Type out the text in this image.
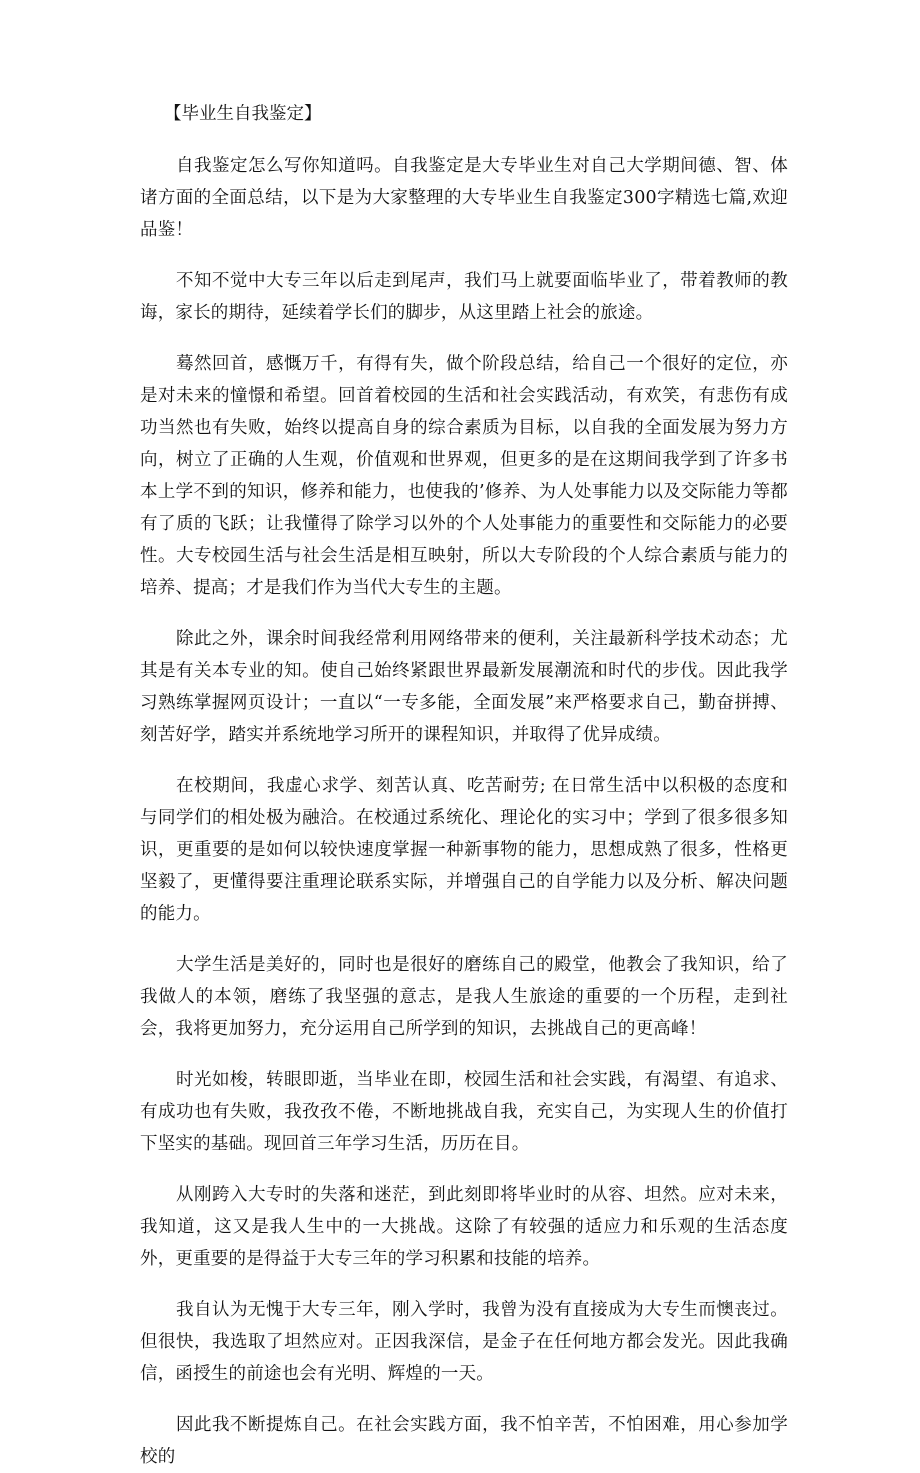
【毕业生自我鉴定】

自我鉴定怎么写你知道吗。自我鉴定是大专毕业生对自己大学期间德、智、体诸方面的全面总结，以下是为大家整理的大专毕业生自我鉴定300字精选七篇,欢迎品鉴！

不知不觉中大专三年以后走到尾声，我们马上就要面临毕业了，带着教师的教诲，家长的期待，延续着学长们的脚步，从这里踏上社会的旅途。

蓦然回首，感慨万千，有得有失，做个阶段总结，给自己一个很好的定位，亦是对未来的憧憬和希望。回首着校园的生活和社会实践活动，有欢笑，有悲伤有成功当然也有失败，始终以提高自身的综合素质为目标，以自我的全面发展为努力方向，树立了正确的人生观，价值观和世界观，但更多的是在这期间我学到了许多书本上学不到的知识，修养和能力，也使我的’修养、为人处事能力以及交际能力等都有了质的飞跃；让我懂得了除学习以外的个人处事能力的重要性和交际能力的必要性。大专校园生活与社会生活是相互映射，所以大专阶段的个人综合素质与能力的培养、提高；才是我们作为当代大专生的主题。

除此之外，课余时间我经常利用网络带来的便利，关注最新科学技术动态；尤其是有关本专业的知。使自己始终紧跟世界最新发展潮流和时代的步伐。因此我学习熟练掌握网页设计；一直以“一专多能，全面发展”来严格要求自己，勤奋拼搏、刻苦好学，踏实并系统地学习所开的课程知识，并取得了优异成绩。

在校期间，我虚心求学、刻苦认真、吃苦耐劳; 在日常生活中以积极的态度和与同学们的相处极为融洽。在校通过系统化、理论化的实习中；学到了很多很多知识，更重要的是如何以较快速度掌握一种新事物的能力，思想成熟了很多，性格更坚毅了，更懂得要注重理论联系实际，并增强自己的自学能力以及分析、解决问题的能力。

大学生活是美好的，同时也是很好的磨练自己的殿堂，他教会了我知识，给了我做人的本领，磨练了我坚强的意志，是我人生旅途的重要的一个历程，走到社会，我将更加努力，充分运用自己所学到的知识，去挑战自己的更高峰！

时光如梭，转眼即逝，当毕业在即，校园生活和社会实践，有渴望、有追求、有成功也有失败，我孜孜不倦，不断地挑战自我，充实自己，为实现人生的价值打下坚实的基础。现回首三年学习生活，历历在目。

从刚跨入大专时的失落和迷茫，到此刻即将毕业时的从容、坦然。应对未来，我知道，这又是我人生中的一大挑战。这除了有较强的适应力和乐观的生活态度外，更重要的是得益于大专三年的学习积累和技能的培养。

我自认为无愧于大专三年，刚入学时，我曾为没有直接成为大专生而懊丧过。但很快，我选取了坦然应对。正因我深信，是金子在任何地方都会发光。因此我确信，函授生的前途也会有光明、辉煌的一天。

因此我不断提炼自己。在社会实践方面，我不怕辛苦，不怕困难，用心参加学校的
